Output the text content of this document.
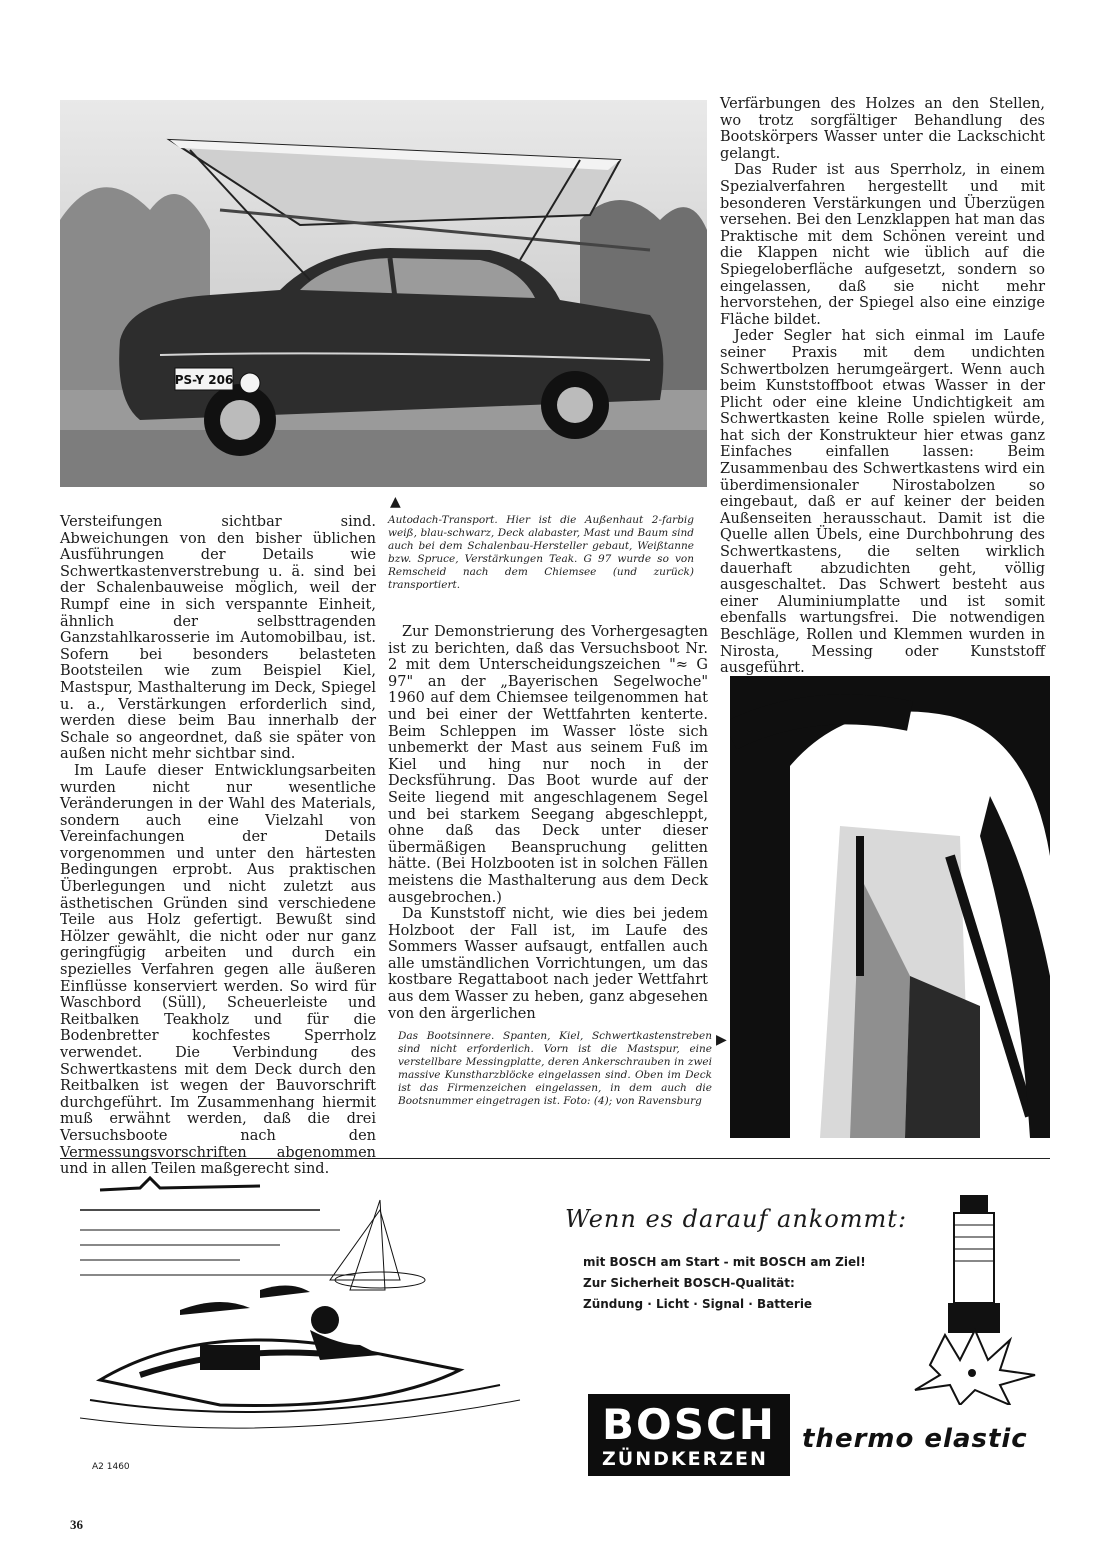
PS-Y 206
▲
Autodach-Transport. Hier ist die Außenhaut 2-farbig weiß, blau-schwarz, Deck alabaster, Mast und Baum sind auch bei dem Schalenbau-Hersteller gebaut, Weißtanne bzw. Spruce, Verstärkungen Teak. G 97 wurde so von Remscheid nach dem Chiemsee (und zurück) transportiert.

Versteifungen sichtbar sind. Abweichungen von den bisher üblichen Ausführungen der Details wie Schwertkastenverstrebung u. ä. sind bei der Schalenbauweise möglich, weil der Rumpf eine in sich verspannte Einheit, ähnlich der selbsttragenden Ganzstahlkarosserie im Automobilbau, ist. Sofern bei besonders belasteten Bootsteilen wie zum Beispiel Kiel, Mastspur, Masthalterung im Deck, Spiegel u. a., Verstärkungen erforderlich sind, werden diese beim Bau innerhalb der Schale so angeordnet, daß sie später von außen nicht mehr sichtbar sind.

Im Laufe dieser Entwicklungsarbeiten wurden nicht nur wesentliche Veränderungen in der Wahl des Materials, sondern auch eine Vielzahl von Vereinfachungen der Details vorgenommen und unter den härtesten Bedingungen erprobt. Aus praktischen Überlegungen und nicht zuletzt aus ästhetischen Gründen sind verschiedene Teile aus Holz gefertigt. Bewußt sind Hölzer gewählt, die nicht oder nur ganz geringfügig arbeiten und durch ein spezielles Verfahren gegen alle äußeren Einflüsse konserviert werden. So wird für Waschbord (Süll), Scheuerleiste und Reitbalken Teakholz und für die Bodenbretter kochfestes Sperrholz verwendet. Die Verbindung des Schwertkastens mit dem Deck durch den Reitbalken ist wegen der Bauvorschrift durchgeführt. Im Zusammenhang hiermit muß erwähnt werden, daß die drei Versuchsboote nach den Vermessungsvorschriften abgenommen und in allen Teilen maßgerecht sind.

Zur Demonstrierung des Vorhergesagten ist zu berichten, daß das Versuchsboot Nr. 2 mit dem Unterscheidungszeichen "≈ G 97" an der „Bayerischen Segelwoche" 1960 auf dem Chiemsee teilgenommen hat und bei einer der Wettfahrten kenterte. Beim Schleppen im Wasser löste sich unbemerkt der Mast aus seinem Fuß im Kiel und hing nur noch in der Decksführung. Das Boot wurde auf der Seite liegend mit angeschlagenem Segel und bei starkem Seegang abgeschleppt, ohne daß das Deck unter dieser übermäßigen Beanspruchung gelitten hätte. (Bei Holzbooten ist in solchen Fällen meistens die Masthalterung aus dem Deck ausgebrochen.)

Da Kunststoff nicht, wie dies bei jedem Holzboot der Fall ist, im Laufe des Sommers Wasser aufsaugt, entfallen auch alle umständlichen Vorrichtungen, um das kostbare Regattaboot nach jeder Wettfahrt aus dem Wasser zu heben, ganz abgesehen von den ärgerlichen

Verfärbungen des Holzes an den Stellen, wo trotz sorgfältiger Behandlung des Bootskörpers Wasser unter die Lackschicht gelangt.

Das Ruder ist aus Sperrholz, in einem Spezialverfahren hergestellt und mit besonderen Verstärkungen und Überzügen versehen. Bei den Lenzklappen hat man das Praktische mit dem Schönen vereint und die Klappen nicht wie üblich auf die Spiegeloberfläche aufgesetzt, sondern so eingelassen, daß sie nicht mehr hervorstehen, der Spiegel also eine einzige Fläche bildet.

Jeder Segler hat sich einmal im Laufe seiner Praxis mit dem undichten Schwertbolzen herumgeärgert. Wenn auch beim Kunststoffboot etwas Wasser in der Plicht oder eine kleine Undichtigkeit am Schwertkasten keine Rolle spielen würde, hat sich der Konstrukteur hier etwas ganz Einfaches einfallen lassen: Beim Zusammenbau des Schwertkastens wird ein überdimensionaler Nirostabolzen so eingebaut, daß er auf keiner der beiden Außenseiten herausschaut. Damit ist die Quelle allen Übels, eine Durchbohrung des Schwertkastens, die selten wirklich dauerhaft abzudichten geht, völlig ausgeschaltet. Das Schwert besteht aus einer Aluminiumplatte und ist somit ebenfalls wartungsfrei. Die notwendigen Beschläge, Rollen und Klemmen wurden in Nirosta, Messing oder Kunststoff ausgeführt.

Das Bootsinnere. Spanten, Kiel, Schwertkastenstreben sind nicht erforderlich. Vorn ist die Mastspur, eine verstellbare Messingplatte, deren Ankerschrauben in zwei massive Kunstharzblöcke eingelassen sind. Oben im Deck ist das Firmenzeichen eingelassen, in dem auch die Bootsnummer eingetragen ist. Foto: (4); von Ravensburg
▶
A2 1460
Wenn es darauf ankommt:
mit BOSCH am Start - mit BOSCH am Ziel!
Zur Sicherheit BOSCH-Qualität:
Zündung · Licht · Signal · Batterie
BOSCH
ZÜNDKERZEN
thermo elastic
36
